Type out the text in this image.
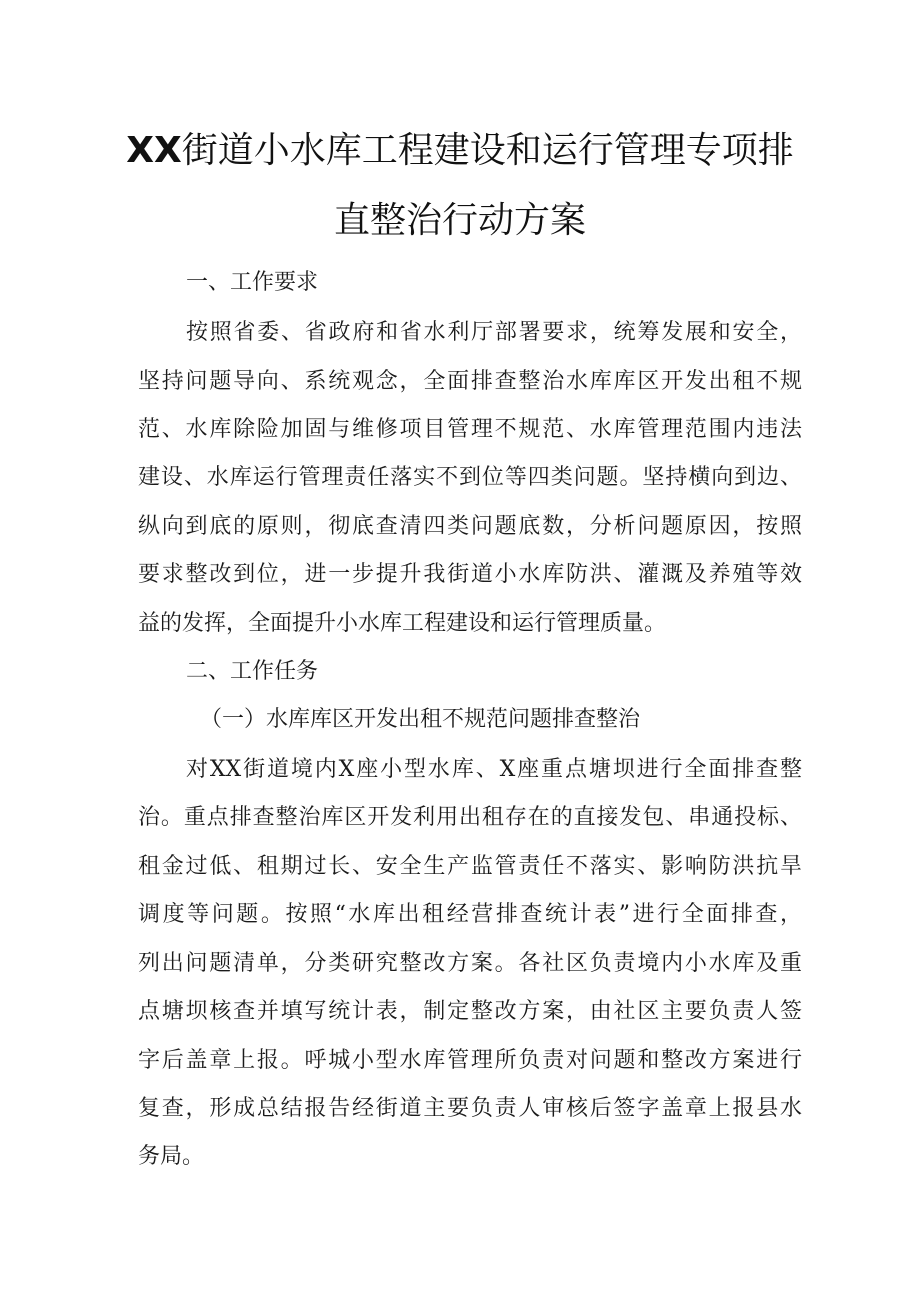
XX街道小水库工程建设和运行管理专项排
直整治行动方案
一、工作要求
按照省委、省政府和省水利厅部署要求，统筹发展和安全，
坚持问题导向、系统观念，全面排查整治水库库区开发出租不规
范、水库除险加固与维修项目管理不规范、水库管理范围内违法
建设、水库运行管理责任落实不到位等四类问题。坚持横向到边、
纵向到底的原则，彻底查清四类问题底数，分析问题原因，按照
要求整改到位，进一步提升我街道小水库防洪、灌溉及养殖等效
益的发挥，全面提升小水库工程建设和运行管理质量。
二、工作任务
（一）水库库区开发出租不规范问题排查整治
对XX街道境内X座小型水库、X座重点塘坝进行全面排查整
治。重点排查整治库区开发利用出租存在的直接发包、串通投标、
租金过低、租期过长、安全生产监管责任不落实、影响防洪抗旱
调度等问题。按照“水库出租经营排查统计表”进行全面排查，
列出问题清单，分类研究整改方案。各社区负责境内小水库及重
点塘坝核查并填写统计表，制定整改方案，由社区主要负责人签
字后盖章上报。呼城小型水库管理所负责对问题和整改方案进行
复查，形成总结报告经街道主要负责人审核后签字盖章上报县水
务局。
